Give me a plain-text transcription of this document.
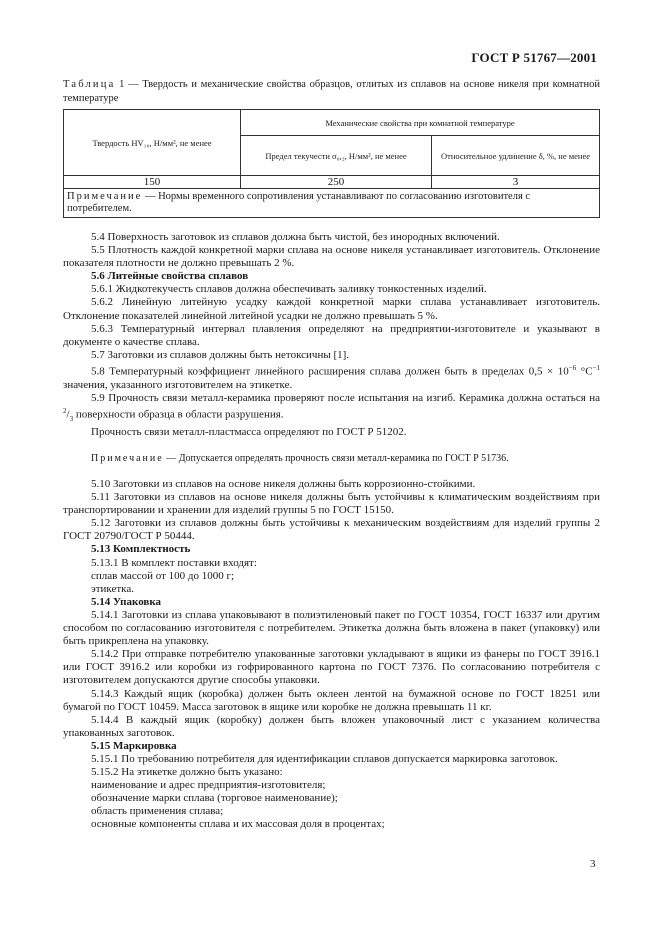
ГОСТ Р 51767—2001
Таблица 1 — Твердость и механические свойства образцов, отлитых из сплавов на основе никеля при комнатной температуре
Твердость HV₁₀, Н/мм², не менее	Механические свойства при комнатной температуре	
	Предел текучести σ₀,₂, Н/мм², не менее	Относительное удлинение δ, %, не менее
150	250	3
Примечание — Нормы временного сопротивления устанавливают по согласованию изготовителя с потребителем.		
5.4 Поверхность заготовок из сплавов должна быть чистой, без инородных включений.
5.5 Плотность каждой конкретной марки сплава на основе никеля устанавливает изготовитель. Отклонение показателя плотности не должно превышать 2 %.
5.6 Литейные свойства сплавов
5.6.1 Жидкотекучесть сплавов должна обеспечивать заливку тонкостенных изделий.
5.6.2 Линейную литейную усадку каждой конкретной марки сплава устанавливает изготовитель. Отклонение показателей линейной литейной усадки не должно превышать 5 %.
5.6.3 Температурный интервал плавления определяют на предприятии-изготовителе и указывают в документе о качестве сплава.
5.7 Заготовки из сплавов должны быть нетоксичны [1].
5.8 Температурный коэффициент линейного расширения сплава должен быть в пределах $0,5 \times 10^{-6}$ $^\circ C^{-1}$ значения, указанного изготовителем на этикетке.
5.9 Прочность связи металл-керамика проверяют после испытания на изгиб. Керамика должна остаться на $^2/_3$ поверхности образца в области разрушения.
Прочность связи металл-пластмасса определяют по ГОСТ Р 51202.
Примечание — Допускается определять прочность связи металл-керамика по ГОСТ Р 51736.
5.10 Заготовки из сплавов на основе никеля должны быть коррозионно-стойкими.
5.11 Заготовки из сплавов на основе никеля должны быть устойчивы к климатическим воздействиям при транспортировании и хранении для изделий группы 5 по ГОСТ 15150.
5.12 Заготовки из сплавов должны быть устойчивы к механическим воздействиям для изделий группы 2 ГОСТ 20790/ГОСТ Р 50444.
5.13 Комплектность
5.13.1 В комплект поставки входят:
сплав массой от 100 до 1000 г;
этикетка.
5.14 Упаковка
5.14.1 Заготовки из сплава упаковывают в полиэтиленовый пакет по ГОСТ 10354, ГОСТ 16337 или другим способом по согласованию изготовителя с потребителем. Этикетка должна быть вложена в пакет (упаковку) или быть прикреплена на упаковку.
5.14.2 При отправке потребителю упакованные заготовки укладывают в ящики из фанеры по ГОСТ 3916.1 или ГОСТ 3916.2 или коробки из гофрированного картона по ГОСТ 7376. По согласованию потребителя с изготовителем допускаются другие способы упаковки.
5.14.3 Каждый ящик (коробка) должен быть оклеен лентой на бумажной основе по ГОСТ 18251 или бумагой по ГОСТ 10459. Масса заготовок в ящике или коробке не должна превышать 11 кг.
5.14.4 В каждый ящик (коробку) должен быть вложен упаковочный лист с указанием количества упакованных заготовок.
5.15 Маркировка
5.15.1 По требованию потребителя для идентификации сплавов допускается маркировка заготовок.
5.15.2 На этикетке должно быть указано:
наименование и адрес предприятия-изготовителя;
обозначение марки сплава (торговое наименование);
область применения сплава;
основные компоненты сплава и их массовая доля в процентах;
3
